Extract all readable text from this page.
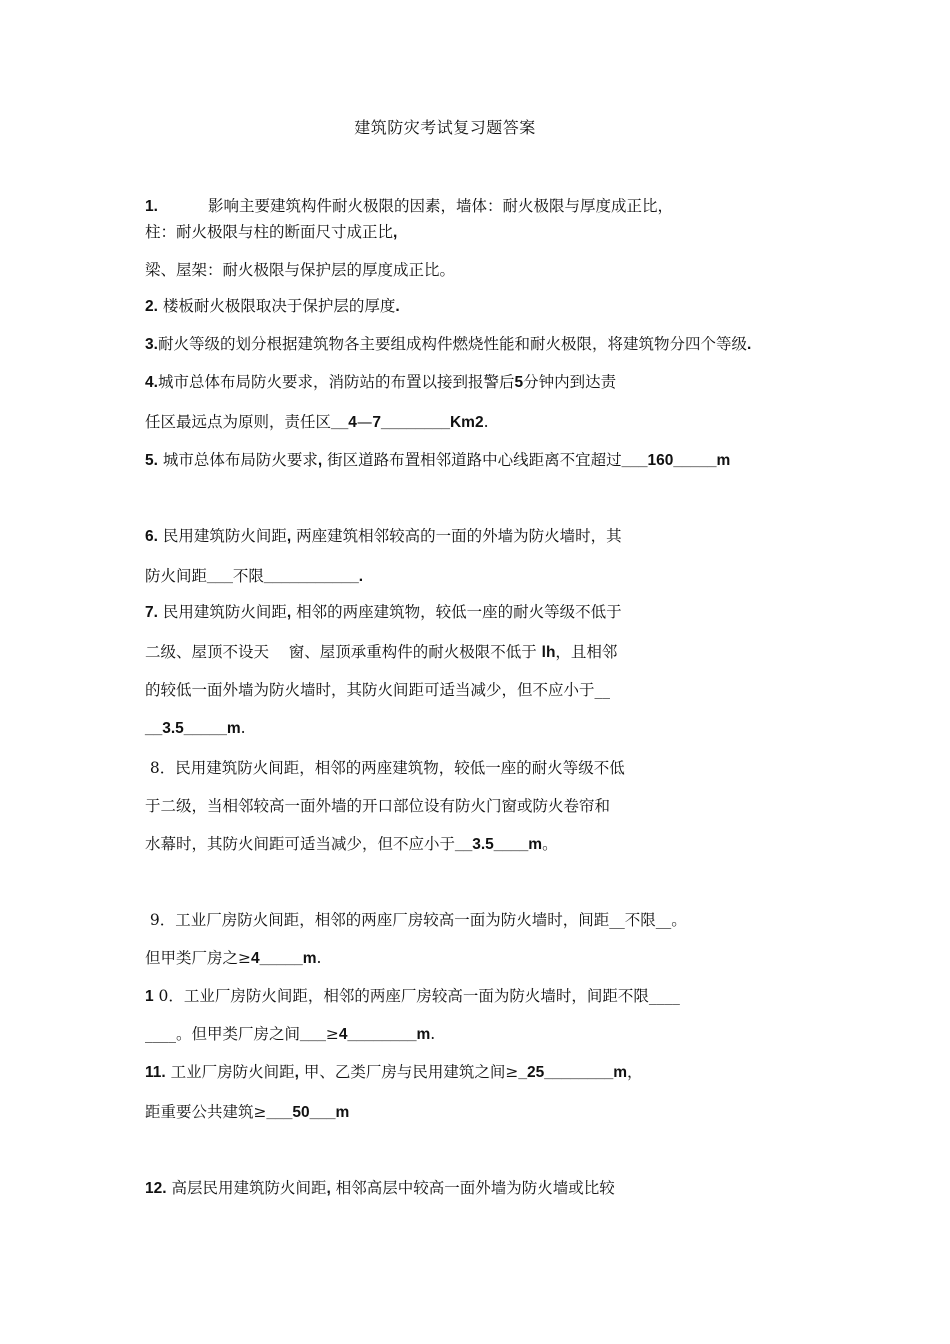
建筑防灾考试复习题答案
1.	影响主要建筑构件耐火极限的因素，墙体：耐火极限与厚度成正比，
柱：耐火极限与柱的断面尺寸成正比,
梁、屋架：耐火极限与保护层的厚度成正比。
2. 楼板耐火极限取决于保护层的厚度.
3.耐火等级的划分根据建筑物各主要组成构件燃烧性能和耐火极限，将建筑物分四个等级.
4.城市总体布局防火要求，消防站的布置以接到报警后5分钟内到达责
任区最远点为原则，责任区__4—7________Km2.
5. 城市总体布局防火要求, 街区道路布置相邻道路中心线距离不宜超过___160_____m
6. 民用建筑防火间距, 两座建筑相邻较高的一面的外墙为防火墙时，其
防火间距___不限___________.
7. 民用建筑防火间距, 相邻的两座建筑物，较低一座的耐火等级不低于
二级、屋顶不设天    窗、屋顶承重构件的耐火极限不低于 lh，且相邻
的较低一面外墙为防火墙时，其防火间距可适当减少，但不应小于__
__3.5_____m.
8．民用建筑防火间距，相邻的两座建筑物，较低一座的耐火等级不低
于二级，当相邻较高一面外墙的开口部位设有防火门窗或防火卷帘和
水幕时，其防火间距可适当减少，但不应小于__3.5____m。
9．工业厂房防火间距，相邻的两座厂房较高一面为防火墙时，间距__不限__。
但甲类厂房之≥4_____m.
1 0．工业厂房防火间距，相邻的两座厂房较高一面为防火墙时，间距不限____
____。但甲类厂房之间___≥4________m.
11. 工业厂房防火间距, 甲、乙类厂房与民用建筑之间≥_25________m，
距重要公共建筑≥___50___m
12. 高层民用建筑防火间距, 相邻高层中较高一面外墙为防火墙或比较
